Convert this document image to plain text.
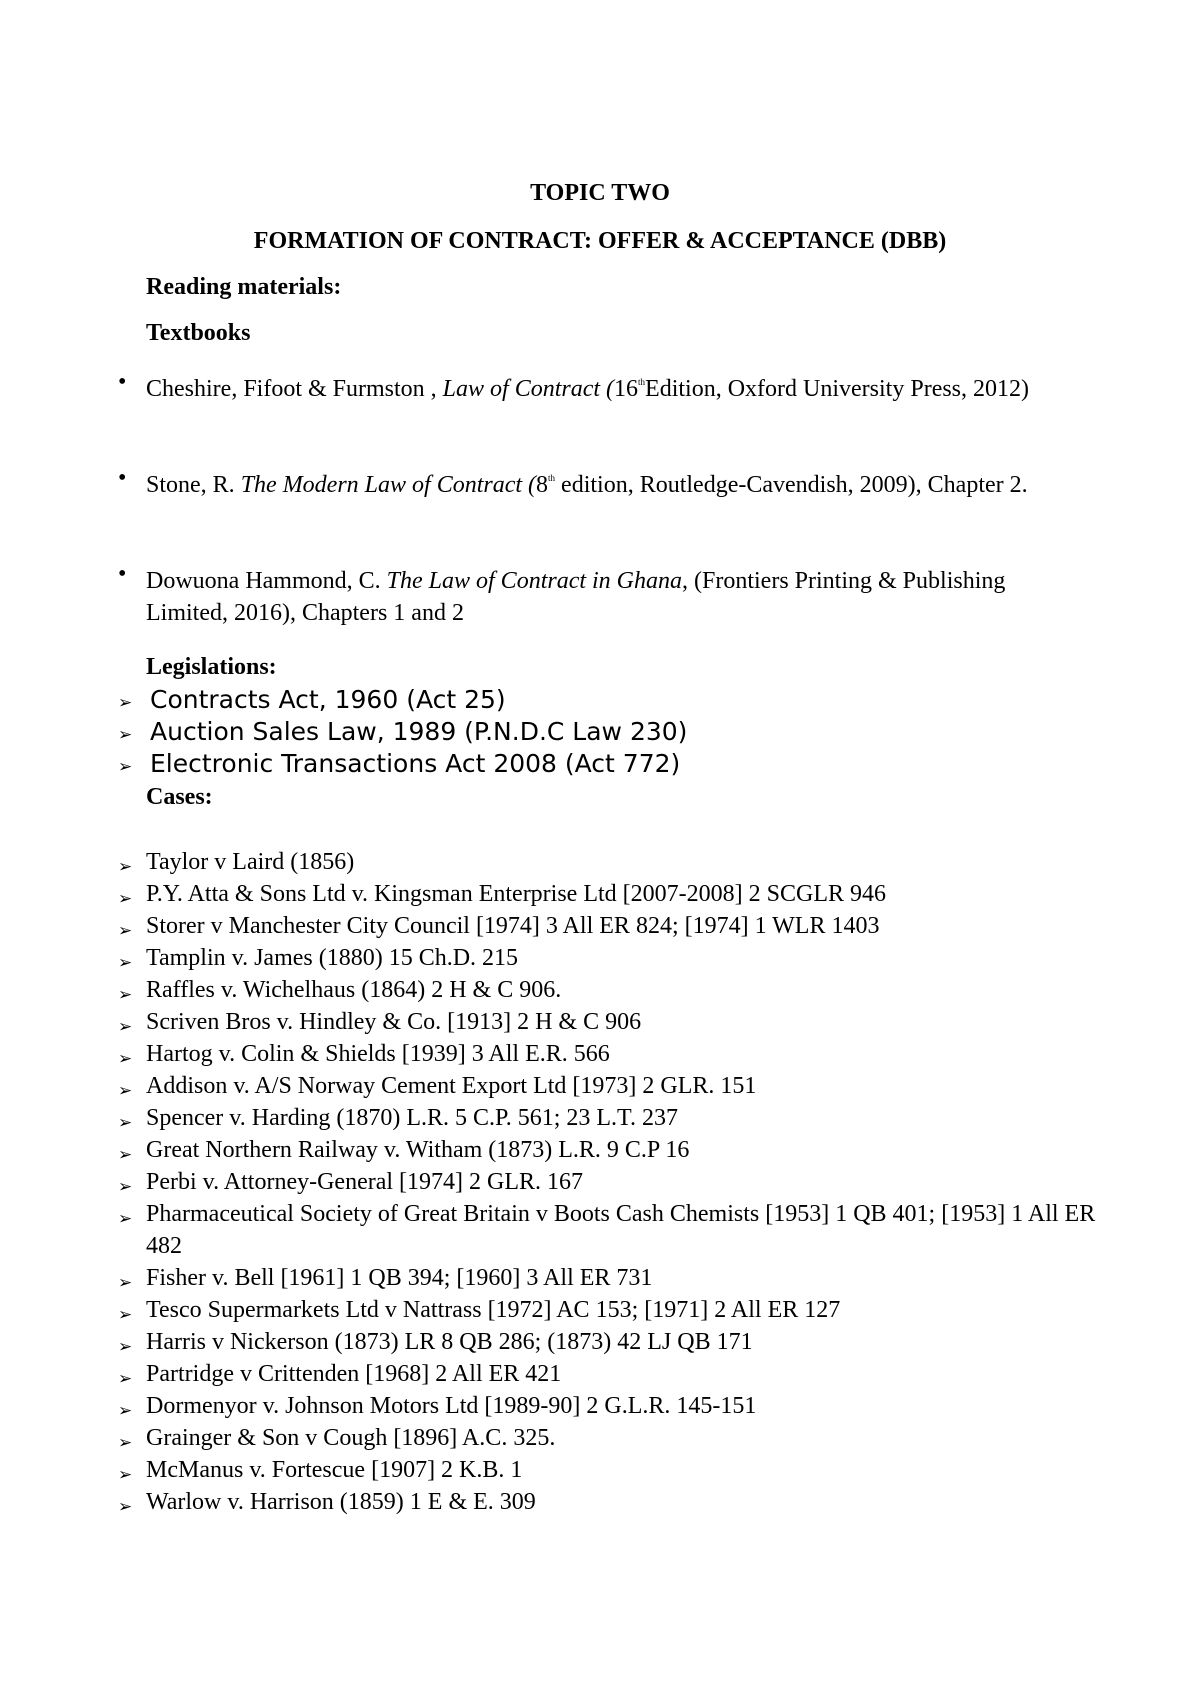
TOPIC TWO
FORMATION OF CONTRACT: OFFER & ACCEPTANCE (DBB)
Reading materials:
Textbooks
• Cheshire, Fifoot & Furmston , Law of Contract (16thEdition, Oxford University Press, 2012)
• Stone, R. The Modern Law of Contract (8th edition, Routledge-Cavendish, 2009), Chapter 2.
• Dowuona Hammond, C. The Law of Contract in Ghana, (Frontiers Printing & Publishing Limited, 2016), Chapters 1 and 2
Legislations:
➢ Contracts Act, 1960 (Act 25)
➢ Auction Sales Law, 1989 (P.N.D.C Law 230)
➢ Electronic Transactions Act 2008 (Act 772)
Cases:
➢ Taylor v Laird (1856)
➢ P.Y. Atta & Sons Ltd v. Kingsman Enterprise Ltd [2007-2008] 2 SCGLR 946
➢ Storer v Manchester City Council [1974] 3 All ER 824; [1974] 1 WLR 1403
➢ Tamplin v. James (1880) 15 Ch.D. 215
➢ Raffles v. Wichelhaus (1864) 2 H & C 906.
➢ Scriven Bros v. Hindley & Co. [1913] 2 H & C 906
➢ Hartog v. Colin & Shields [1939] 3 All E.R. 566
➢ Addison v. A/S Norway Cement Export Ltd [1973] 2 GLR. 151
➢ Spencer v. Harding (1870) L.R. 5 C.P. 561; 23 L.T. 237
➢ Great Northern Railway v. Witham (1873) L.R. 9 C.P 16
➢ Perbi v. Attorney-General [1974] 2 GLR. 167
➢ Pharmaceutical Society of Great Britain v Boots Cash Chemists [1953] 1 QB 401; [1953] 1 All ER 482
➢ Fisher v. Bell [1961] 1 QB 394; [1960] 3 All ER 731
➢ Tesco Supermarkets Ltd v Nattrass [1972] AC 153; [1971] 2 All ER 127
➢ Harris v Nickerson (1873) LR 8 QB 286; (1873) 42 LJ QB 171
➢ Partridge v Crittenden [1968] 2 All ER 421
➢ Dormenyor v. Johnson Motors Ltd [1989-90] 2 G.L.R. 145-151
➢ Grainger & Son v Cough [1896] A.C. 325.
➢ McManus v. Fortescue [1907] 2 K.B. 1
➢ Warlow v. Harrison (1859) 1 E & E. 309
